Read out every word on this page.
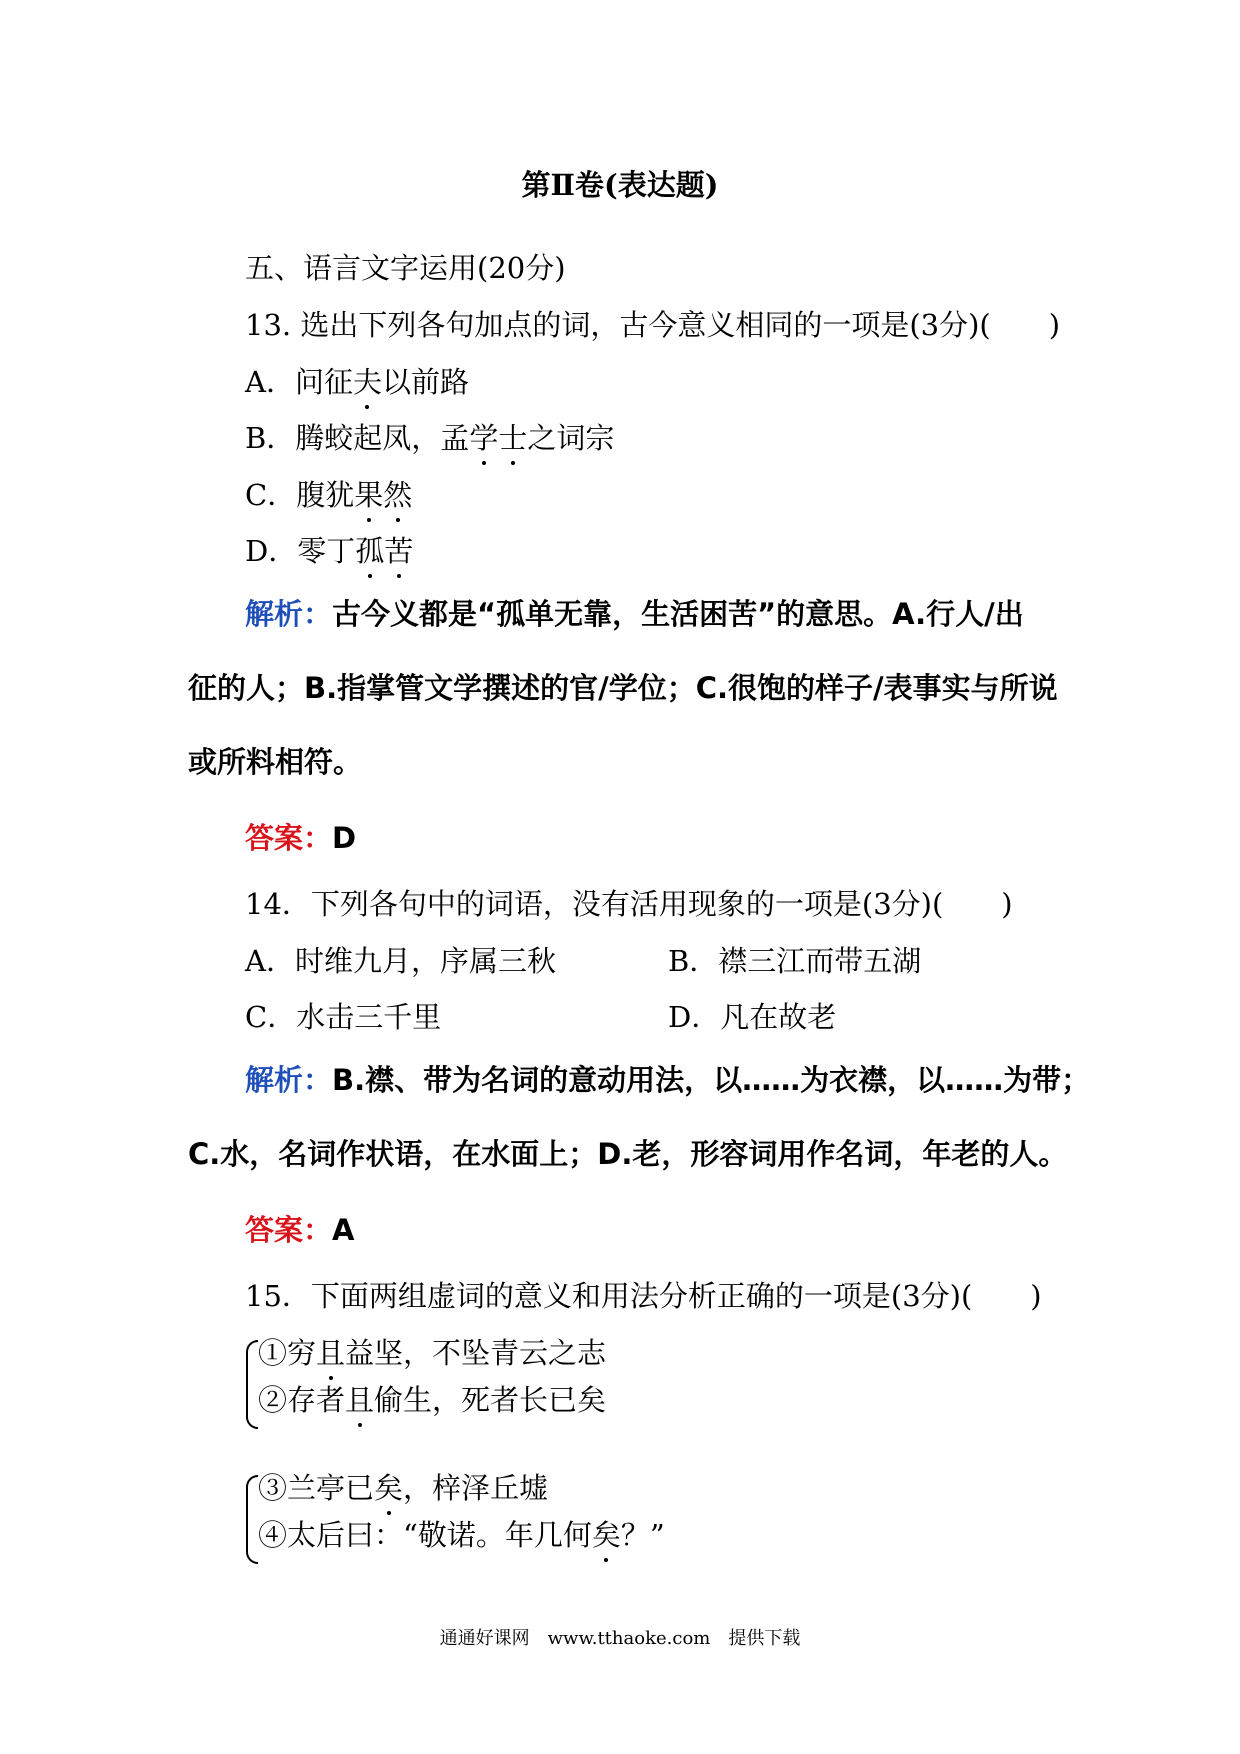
第Ⅱ卷(表达题)
五、语言文字运用(20分)
13. 选出下列各句加点的词，古今意义相同的一项是(3分)(　　)
A．问征夫以前路
B．腾蛟起凤，孟学士之词宗
C．腹犹果然
D．零丁孤苦
解析：古今义都是“孤单无靠，生活困苦”的意思。A.行人/出
征的人；B.指掌管文学撰述的官/学位；C.很饱的样子/表事实与所说
或所料相符。
答案：D
14．下列各句中的词语，没有活用现象的一项是(3分)(　　)
A．时维九月，序属三秋	B．襟三江而带五湖
C．水击三千里	D．凡在故老
解析：B.襟、带为名词的意动用法，以……为衣襟，以……为带；
C.水，名词作状语，在水面上；D.老，形容词用作名词，年老的人。
答案：A
15．下面两组虚词的意义和用法分析正确的一项是(3分)(　　)
①穷且益坚，不坠青云之志
②存者且偷生，死者长已矣
③兰亭已矣，梓泽丘墟
④太后曰：“敬诺。年几何矣？”
通通好课网　www.tthaoke.com　提供下载
